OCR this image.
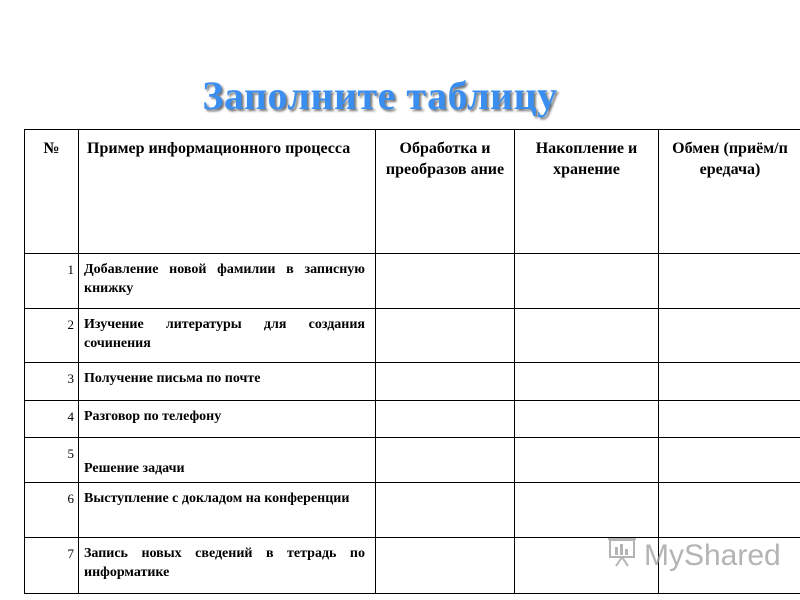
Заполните таблицу
№	Пример информационного процесса	Обработка и преобразов ание	Накопление и хранение	Обмен (приём/п ередача)
1	Добавление новой фамилии в записную книжку			
2	Изучение литературы для создания сочинения			
3	Получение письма по почте			
4	Разговор по телефону			
5	Решение задачи			
6	Выступление с докладом на конференции			
7	Запись новых сведений в тетрадь по информатике			
MyShared
